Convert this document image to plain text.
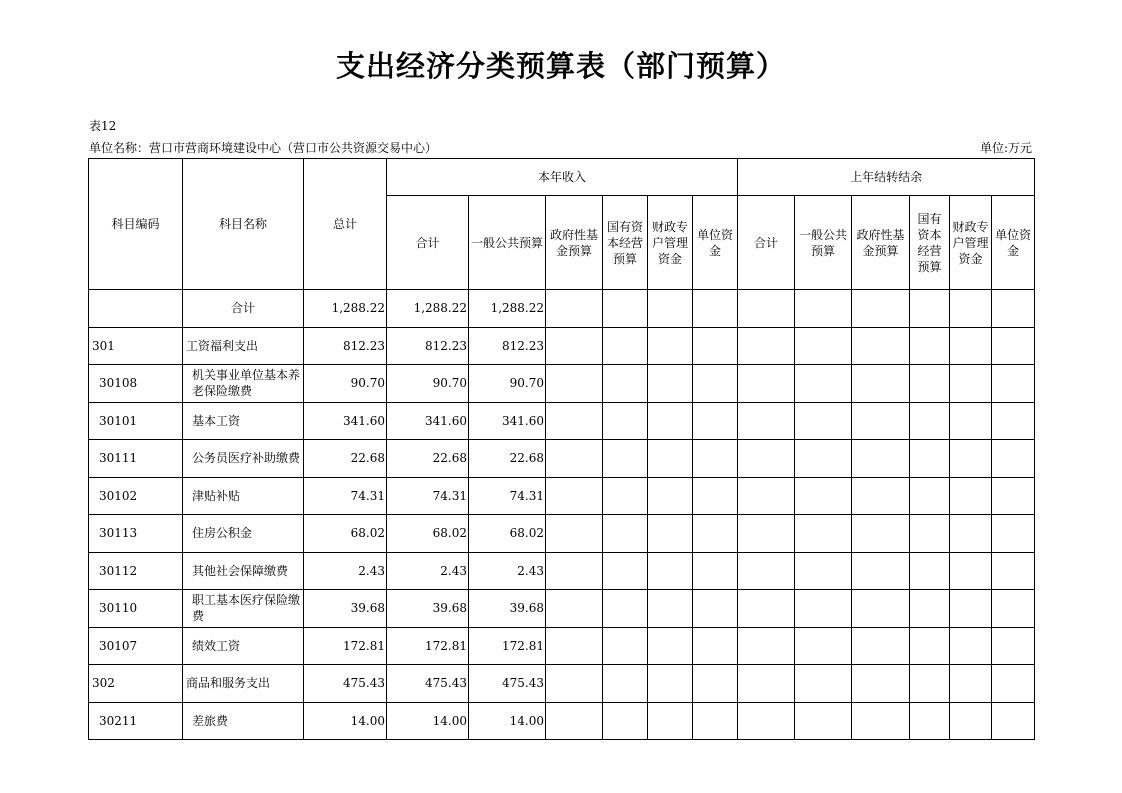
支出经济分类预算表（部门预算）
表12
单位名称：营口市营商环境建设中心（营口市公共资源交易中心）	单位:万元
科目编码	科目名称	总计	本年收入						上年结转结余					
			合计	一般公共预算	政府性基金预算	国有资本经营预算	财政专户管理资金	单位资金	合计	一般公共预算	政府性基金预算	国有资本经营预算	财政专户管理资金	单位资金
	合计	1,288.22	1,288.22	1,288.22										
301	工资福利支出	812.23	812.23	812.23										
30108	机关事业单位基本养老保险缴费	90.70	90.70	90.70										
30101	基本工资	341.60	341.60	341.60										
30111	公务员医疗补助缴费	22.68	22.68	22.68										
30102	津贴补贴	74.31	74.31	74.31										
30113	住房公积金	68.02	68.02	68.02										
30112	其他社会保障缴费	2.43	2.43	2.43										
30110	职工基本医疗保险缴费	39.68	39.68	39.68										
30107	绩效工资	172.81	172.81	172.81										
302	商品和服务支出	475.43	475.43	475.43										
30211	差旅费	14.00	14.00	14.00										
